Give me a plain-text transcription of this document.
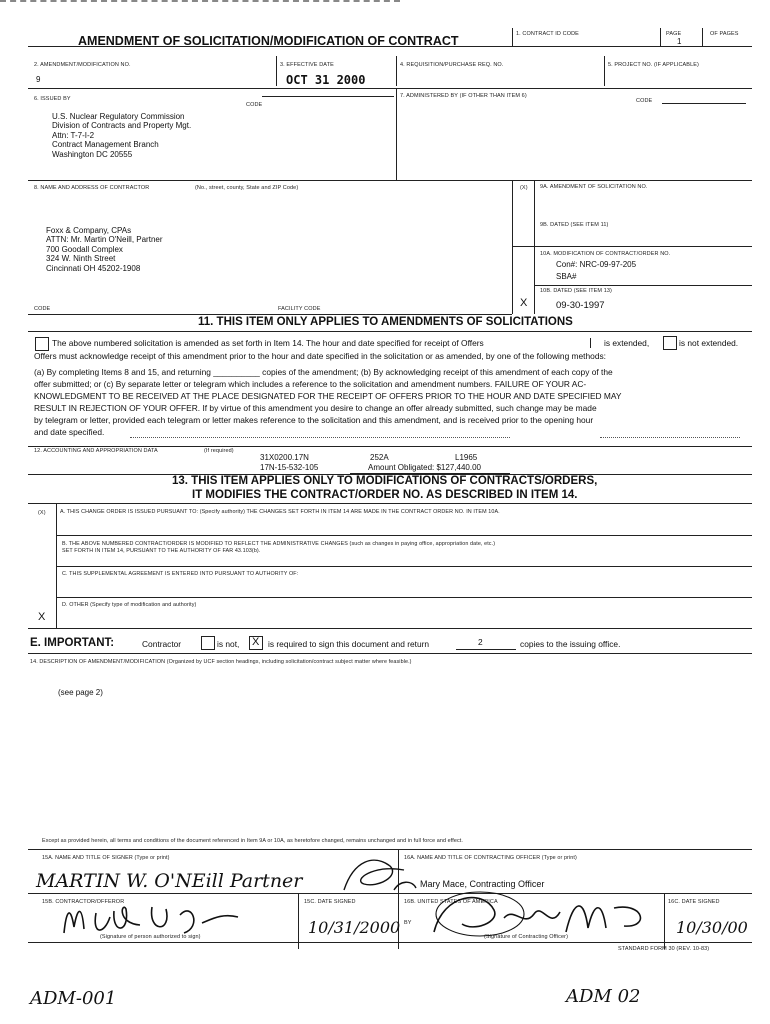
AMENDMENT OF SOLICITATION/MODIFICATION OF CONTRACT	1. CONTRACT ID CODE	PAGE	OF PAGES
1
2. AMENDMENT/MODIFICATION NO.
9
3. EFFECTIVE DATE
OCT 31 2000
4. REQUISITION/PURCHASE REQ. NO.	5. PROJECT NO. (IF APPLICABLE)
6. ISSUED BY
CODE
7. ADMINISTERED BY (IF OTHER THAN ITEM 6)
CODE
U.S. Nuclear Regulatory Commission
Division of Contracts and Property Mgt.
Attn: T-7-I-2
Contract Management Branch
Washington DC 20555
8. NAME AND ADDRESS OF CONTRACTOR	(No., street, county, State and ZIP Code)
Foxx & Company, CPAs
ATTN: Mr. Martin O'Neill, Partner
700 Goodall Complex
324 W. Ninth Street
Cincinnati OH 45202-1908
(X) 9A. AMENDMENT OF SOLICITATION NO.
9B. DATED (SEE ITEM 11)
10A. MODIFICATION OF CONTRACT/ORDER NO.
Con#: NRC-09-97-205
SBA#
10B. DATED (SEE ITEM 13)
X	09-30-1997
CODE	FACILITY CODE
11. THIS ITEM ONLY APPLIES TO AMENDMENTS OF SOLICITATIONS
The above numbered solicitation is amended as set forth in Item 14. The hour and date specified for receipt of Offers	is extended,	is not extended.
Offers must acknowledge receipt of this amendment prior to the hour and date specified in the solicitation or as amended, by one of the following methods:
(a) By completing Items 8 and 15, and returning __________ copies of the amendment; (b) By acknowledging receipt of this amendment of each copy of the
offer submitted; or (c) By separate letter or telegram which includes a reference to the solicitation and amendment numbers. FAILURE OF YOUR AC-
KNOWLEDGMENT TO BE RECEIVED AT THE PLACE DESIGNATED FOR THE RECEIPT OF OFFERS PRIOR TO THE HOUR AND DATE SPECIFIED MAY
RESULT IN REJECTION OF YOUR OFFER. If by virtue of this amendment you desire to change an offer already submitted, such change may be made
by telegram or letter, provided each telegram or letter makes reference to the solicitation and this amendment, and is received prior to the opening hour
and date specified.
12. ACCOUNTING AND APPROPRIATION DATA	(If required)
31X0200.17N	252A	L1965
17N-15-532-105	Amount Obligated: $127,440.00
13. THIS ITEM APPLIES ONLY TO MODIFICATIONS OF CONTRACTS/ORDERS,
IT MODIFIES THE CONTRACT/ORDER NO. AS DESCRIBED IN ITEM 14.
(X)	A. THIS CHANGE ORDER IS ISSUED PURSUANT TO: (Specify authority) THE CHANGES SET FORTH IN ITEM 14 ARE MADE IN THE CONTRACT ORDER NO. IN ITEM 10A.
B. THE ABOVE NUMBERED CONTRACT/ORDER IS MODIFIED TO REFLECT THE ADMINISTRATIVE CHANGES (such as changes in paying office, appropriation date, etc.)
SET FORTH IN ITEM 14, PURSUANT TO THE AUTHORITY OF FAR 43.103(b).
C. THIS SUPPLEMENTAL AGREEMENT IS ENTERED INTO PURSUANT TO AUTHORITY OF:
D. OTHER (Specify type of modification and authority)
X
E. IMPORTANT:	Contractor	is not, X is required to sign this document and return	2	copies to the issuing office.
14. DESCRIPTION OF AMENDMENT/MODIFICATION (Organized by UCF section headings, including solicitation/contract subject matter where feasible.)
(see page 2)
Except as provided herein, all terms and conditions of the document referenced in Item 9A or 10A, as heretofore changed, remains unchanged and in full force and effect.
15A. NAME AND TITLE OF SIGNER (Type or print)
MARTIN W. O'NEill Partner
16A. NAME AND TITLE OF CONTRACTING OFFICER (Type or print)
Mary Mace, Contracting Officer
15B. CONTRACTOR/OFFEROR
(Signature of person authorized to sign)
15C. DATE SIGNED
10/31/2000
16B. UNITED STATES OF AMERICA
BY
(Signature of Contracting Officer)
16C. DATE SIGNED
10/30/00
STANDARD FORM 30 (REV. 10-83)
ADM-001	ADM 02
